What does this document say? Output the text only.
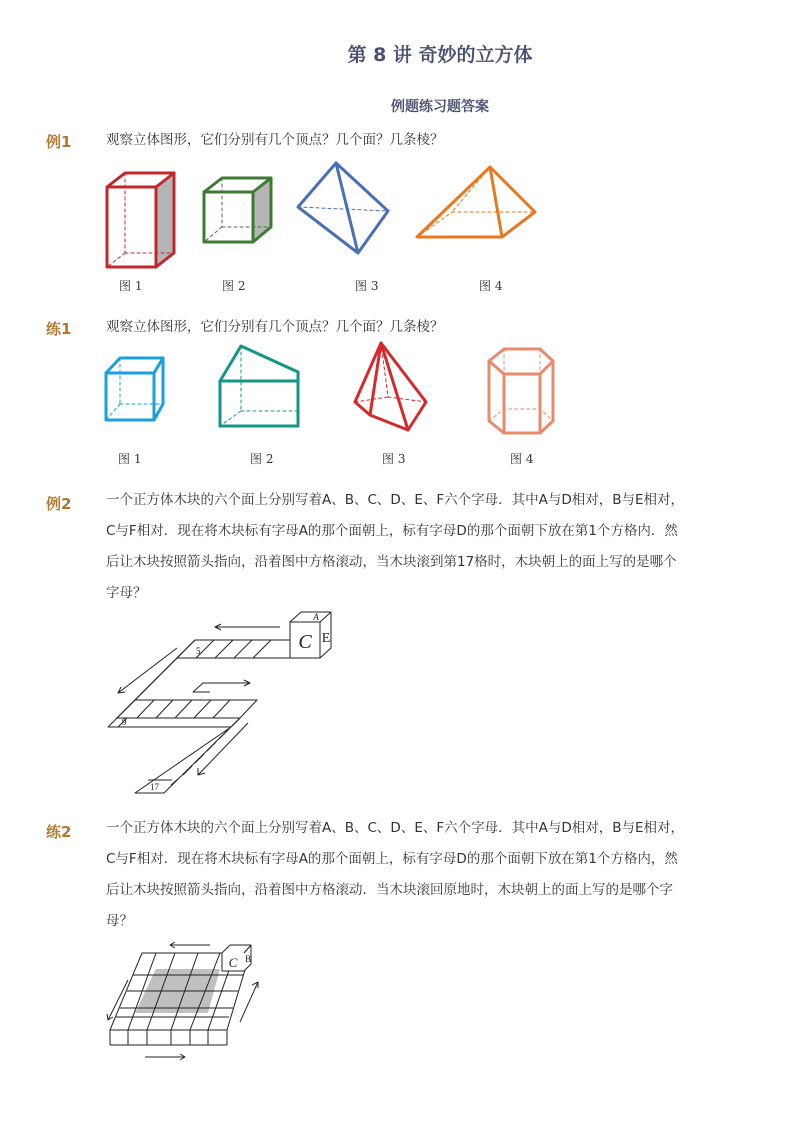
第 8 讲 奇妙的立方体
例题练习题答案
例1	观察立体图形，它们分别有几个顶点？几个面？几条棱？
图 1	图 2	图 3	图 4
练1	观察立体图形，它们分别有几个顶点？几个面？几条棱？
图 1	图 2	图 3	图 4
例2	一个正方体木块的六个面上分别写着A、B、C、D、E、F六个字母．其中A与D相对，B与E相对，
C与F相对．现在将木块标有字母A的那个面朝上，标有字母D的那个面朝下放在第1个方格内．然
后让木块按照箭头指向，沿着图中方格滚动，当木块滚到第17格时，木块朝上的面上写的是哪个
字母？
C E
A
5
9
17
练2	一个正方体木块的六个面上分别写着A、B、C、D、E、F六个字母．其中A与D相对，B与E相对，
C与F相对．现在将木块标有字母A的那个面朝上，标有字母D的那个面朝下放在第1个方格内，然
后让木块按照箭头指向，沿着图中方格滚动．当木块滚回原地时，木块朝上的面上写的是哪个字
母？
C B
